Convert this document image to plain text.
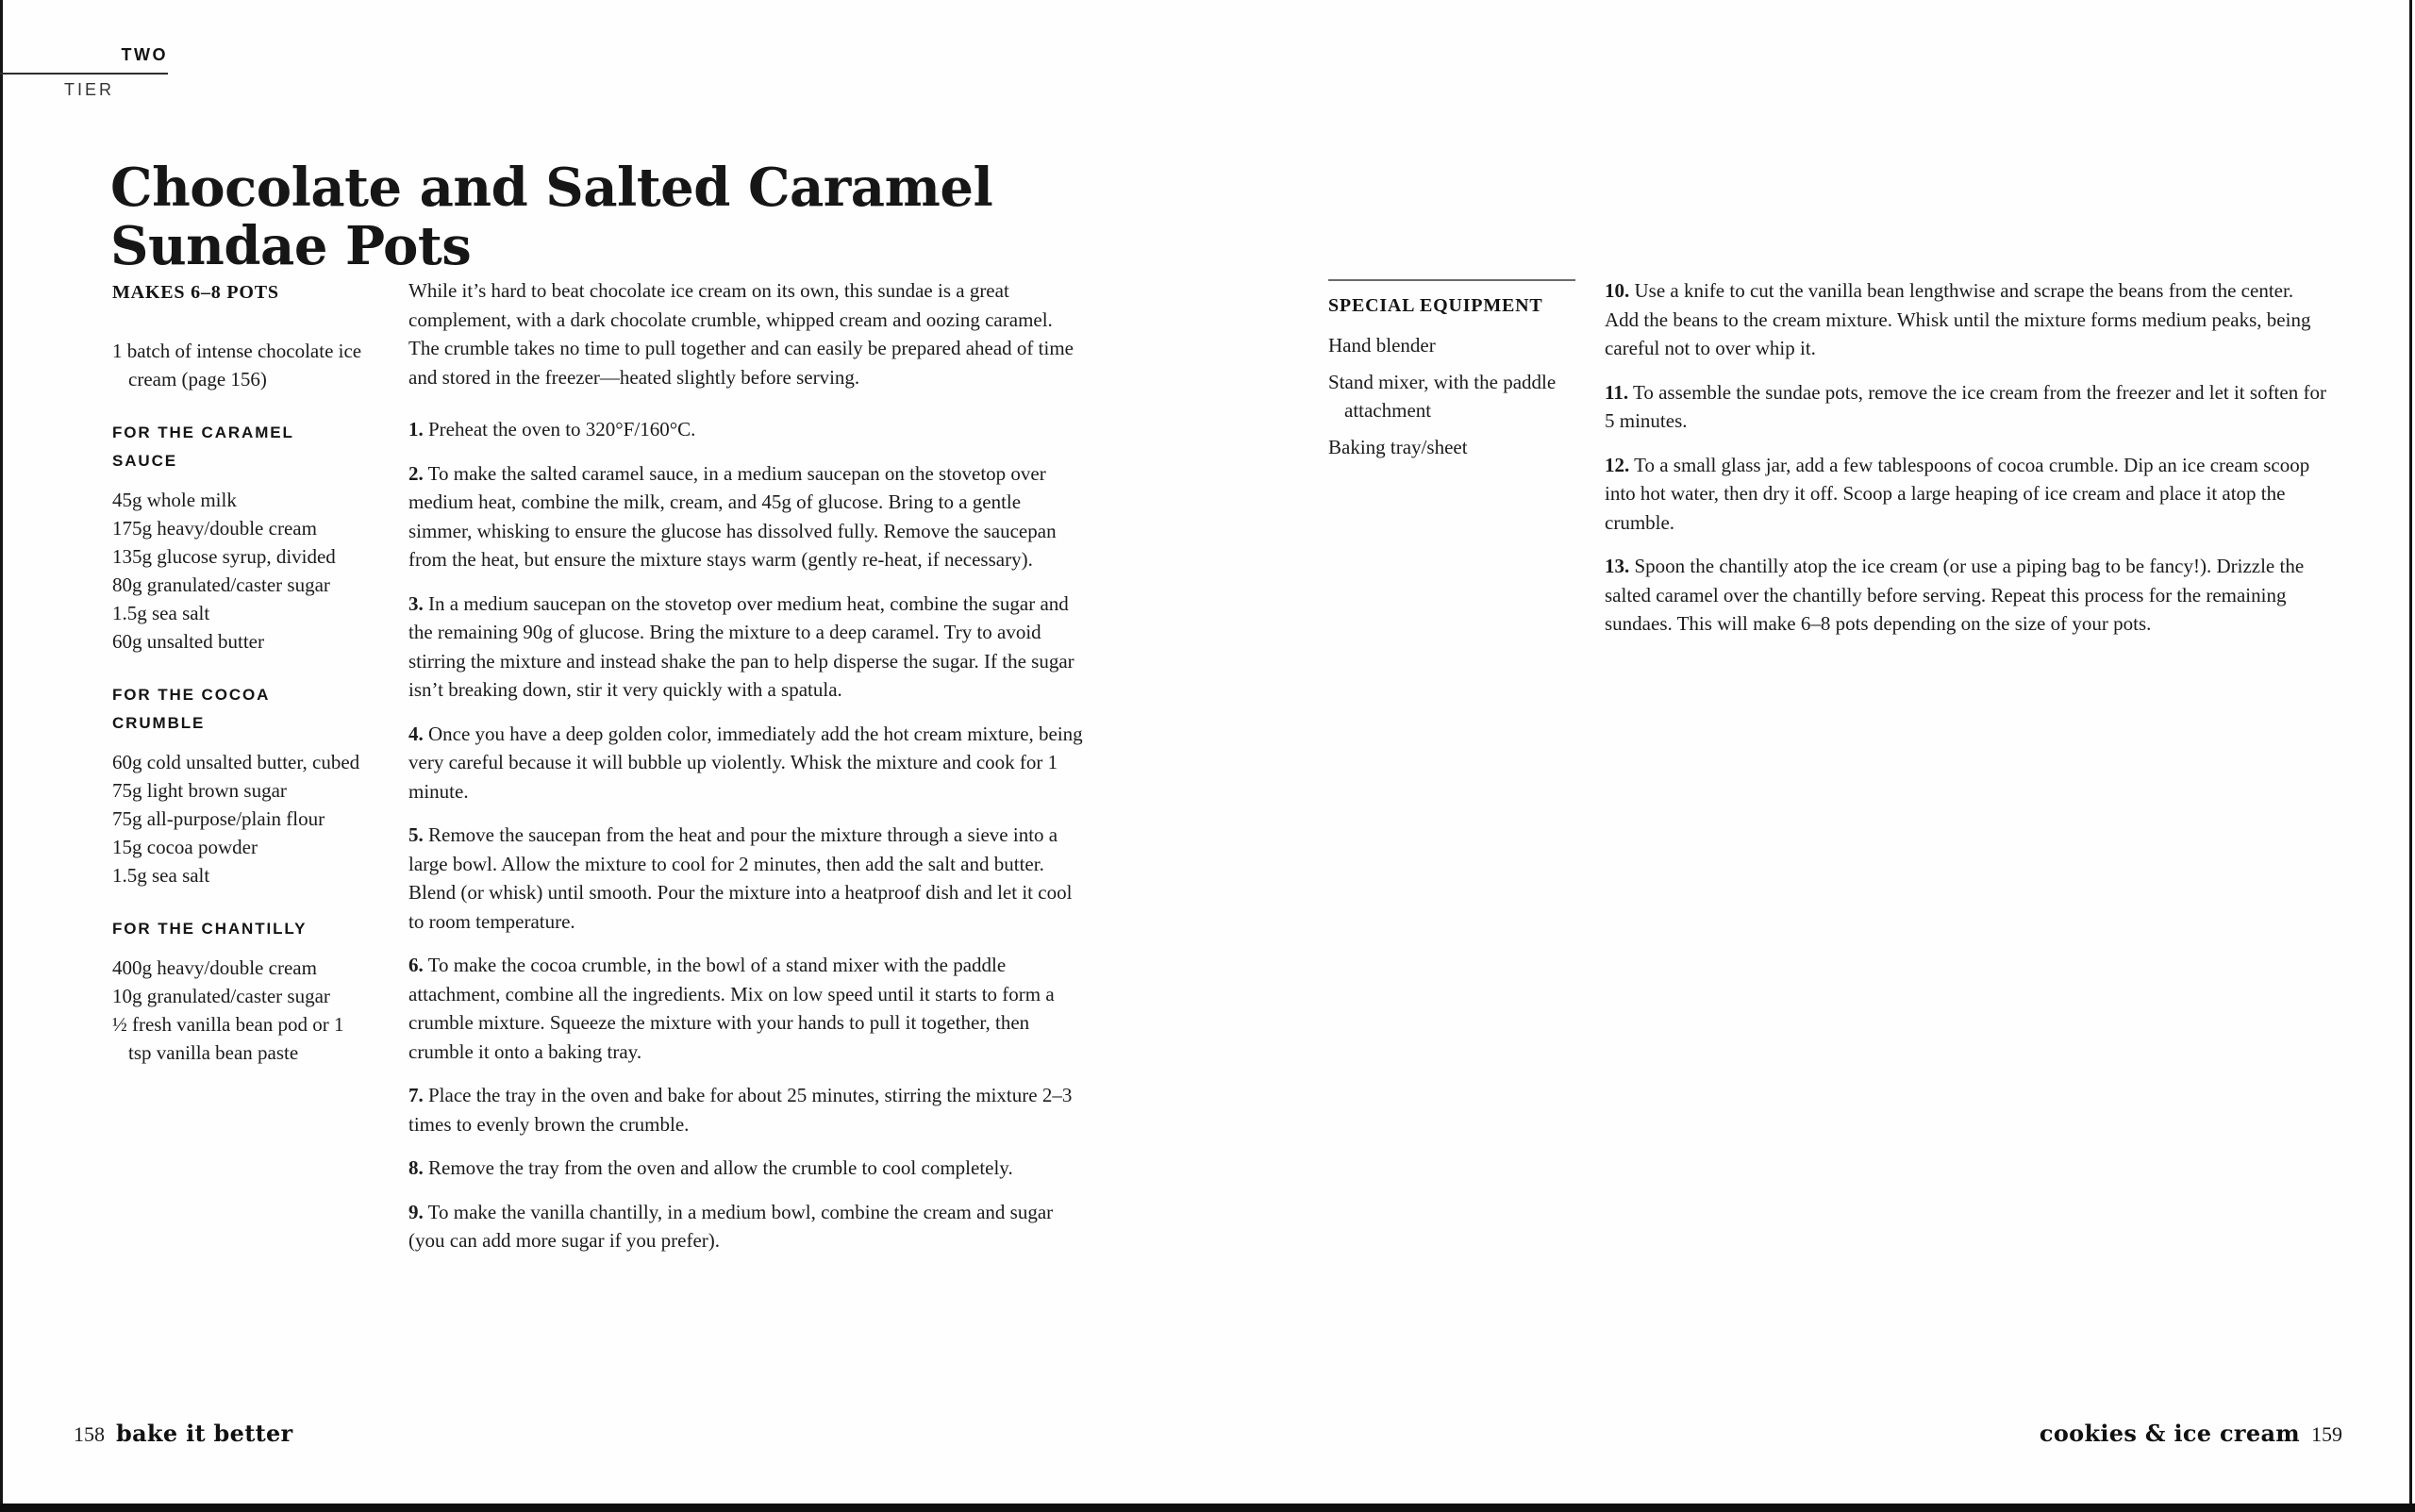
TWO
TIER
Chocolate and Salted Caramel
Sundae Pots

MAKES 6–8 POTS

1 batch of intense chocolate ice cream (page 156)

FOR THE CARAMEL SAUCE

45g whole milk

175g heavy/double cream

135g glucose syrup, divided

80g granulated/caster sugar

1.5g sea salt

60g unsalted butter

FOR THE COCOA CRUMBLE

60g cold unsalted butter, cubed

75g light brown sugar

75g all-purpose/plain flour

15g cocoa powder

1.5g sea salt

FOR THE CHANTILLY

400g heavy/double cream

10g granulated/caster sugar

½ fresh vanilla bean pod or 1 tsp vanilla bean paste

While it’s hard to beat chocolate ice cream on its own, this sundae is a great complement, with a dark chocolate crumble, whipped cream and oozing caramel. The crumble takes no time to pull together and can easily be prepared ahead of time and stored in the freezer—heated slightly before serving.

1. Preheat the oven to 320°F/160°C.

2. To make the salted caramel sauce, in a medium saucepan on the stovetop over medium heat, combine the milk, cream, and 45g of glucose. Bring to a gentle simmer, whisking to ensure the glucose has dissolved fully. Remove the saucepan from the heat, but ensure the mixture stays warm (gently re-heat, if necessary).

3. In a medium saucepan on the stovetop over medium heat, combine the sugar and the remaining 90g of glucose. Bring the mixture to a deep caramel. Try to avoid stirring the mixture and instead shake the pan to help disperse the sugar. If the sugar isn’t breaking down, stir it very quickly with a spatula.

4. Once you have a deep golden color, immediately add the hot cream mixture, being very careful because it will bubble up violently. Whisk the mixture and cook for 1 minute.

5. Remove the saucepan from the heat and pour the mixture through a sieve into a large bowl. Allow the mixture to cool for 2 minutes, then add the salt and butter. Blend (or whisk) until smooth. Pour the mixture into a heatproof dish and let it cool to room temperature.

6. To make the cocoa crumble, in the bowl of a stand mixer with the paddle attachment, combine all the ingredients. Mix on low speed until it starts to form a crumble mixture. Squeeze the mixture with your hands to pull it together, then crumble it onto a baking tray.

7. Place the tray in the oven and bake for about 25 minutes, stirring the mixture 2–3 times to evenly brown the crumble.

8. Remove the tray from the oven and allow the crumble to cool completely.

9. To make the vanilla chantilly, in a medium bowl, combine the cream and sugar (you can add more sugar if you prefer).

SPECIAL EQUIPMENT

Hand blender

Stand mixer, with the paddle attachment

Baking tray/sheet

10. Use a knife to cut the vanilla bean lengthwise and scrape the beans from the center. Add the beans to the cream mixture. Whisk until the mixture forms medium peaks, being careful not to over whip it.

11. To assemble the sundae pots, remove the ice cream from the freezer and let it soften for 5 minutes.

12. To a small glass jar, add a few tablespoons of cocoa crumble. Dip an ice cream scoop into hot water, then dry it off. Scoop a large heaping of ice cream and place it atop the crumble.

13. Spoon the chantilly atop the ice cream (or use a piping bag to be fancy!). Drizzle the salted caramel over the chantilly before serving. Repeat this process for the remaining sundaes. This will make 6–8 pots depending on the size of your pots.

158 bake it better	cookies & ice cream 159
